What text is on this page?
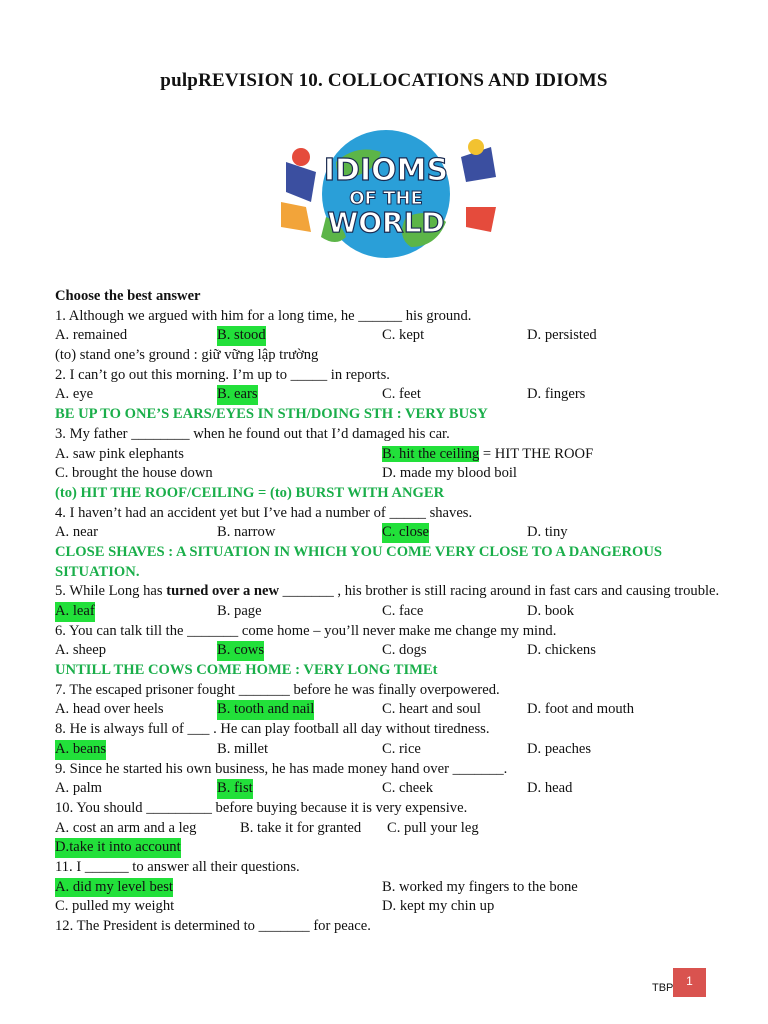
pulpREVISION 10. COLLOCATIONS AND IDIOMS
IDIOMS
OF THE
WORLD
Choose the best answer
1. Although we argued with him for a long time, he ______ his ground.
A. remained	B. stood	C. kept	D. persisted
(to) stand one’s ground : giữ vững lập trường
2. I can’t go out this morning. I’m up to _____ in reports.
A. eye	B. ears	C. feet	D. fingers
BE UP TO ONE’S EARS/EYES IN STH/DOING STH : VERY BUSY
3. My father ________ when he found out that I’d damaged his car.
A. saw pink elephants	B. hit the ceiling = HIT THE ROOF
C. brought the house down	D. made my blood boil
(to) HIT THE ROOF/CEILING = (to) BURST WITH ANGER
4. I haven’t had an accident yet but I’ve had a number of _____ shaves.
A. near	B. narrow	C. close	D. tiny
CLOSE SHAVES : A SITUATION IN WHICH YOU COME VERY CLOSE TO A DANGEROUS SITUATION.
5. While Long has turned over a new _______ , his brother is still racing around in fast cars and causing trouble.
A. leaf	B. page	C. face	D. book
6. You can talk till the _______ come home – you’ll never make me change my mind.
A. sheep	B. cows	C. dogs	D. chickens
UNTILL THE COWS COME HOME : VERY LONG TIMEt
7. The escaped prisoner fought _______ before he was finally overpowered.
A. head over heels	B. tooth and nail	C. heart and soul	D. foot and mouth
8. He is always full of ___ . He can play football all day without tiredness.
A. beans	B. millet	C. rice	D. peaches
9. Since he started his own business, he has made money hand over _______.
A. palm	B. fist	C. cheek	D. head
10. You should _________ before buying because it is very expensive.
A. cost an arm and a leg	B. take it for granted C. pull your leg
D.take it into account
11. I ______ to answer all their questions.
A. did my level best	B. worked my fingers to the bone
C. pulled my weight	D. kept my chin up
12. The President is determined to _______ for peace.
TBP	1
